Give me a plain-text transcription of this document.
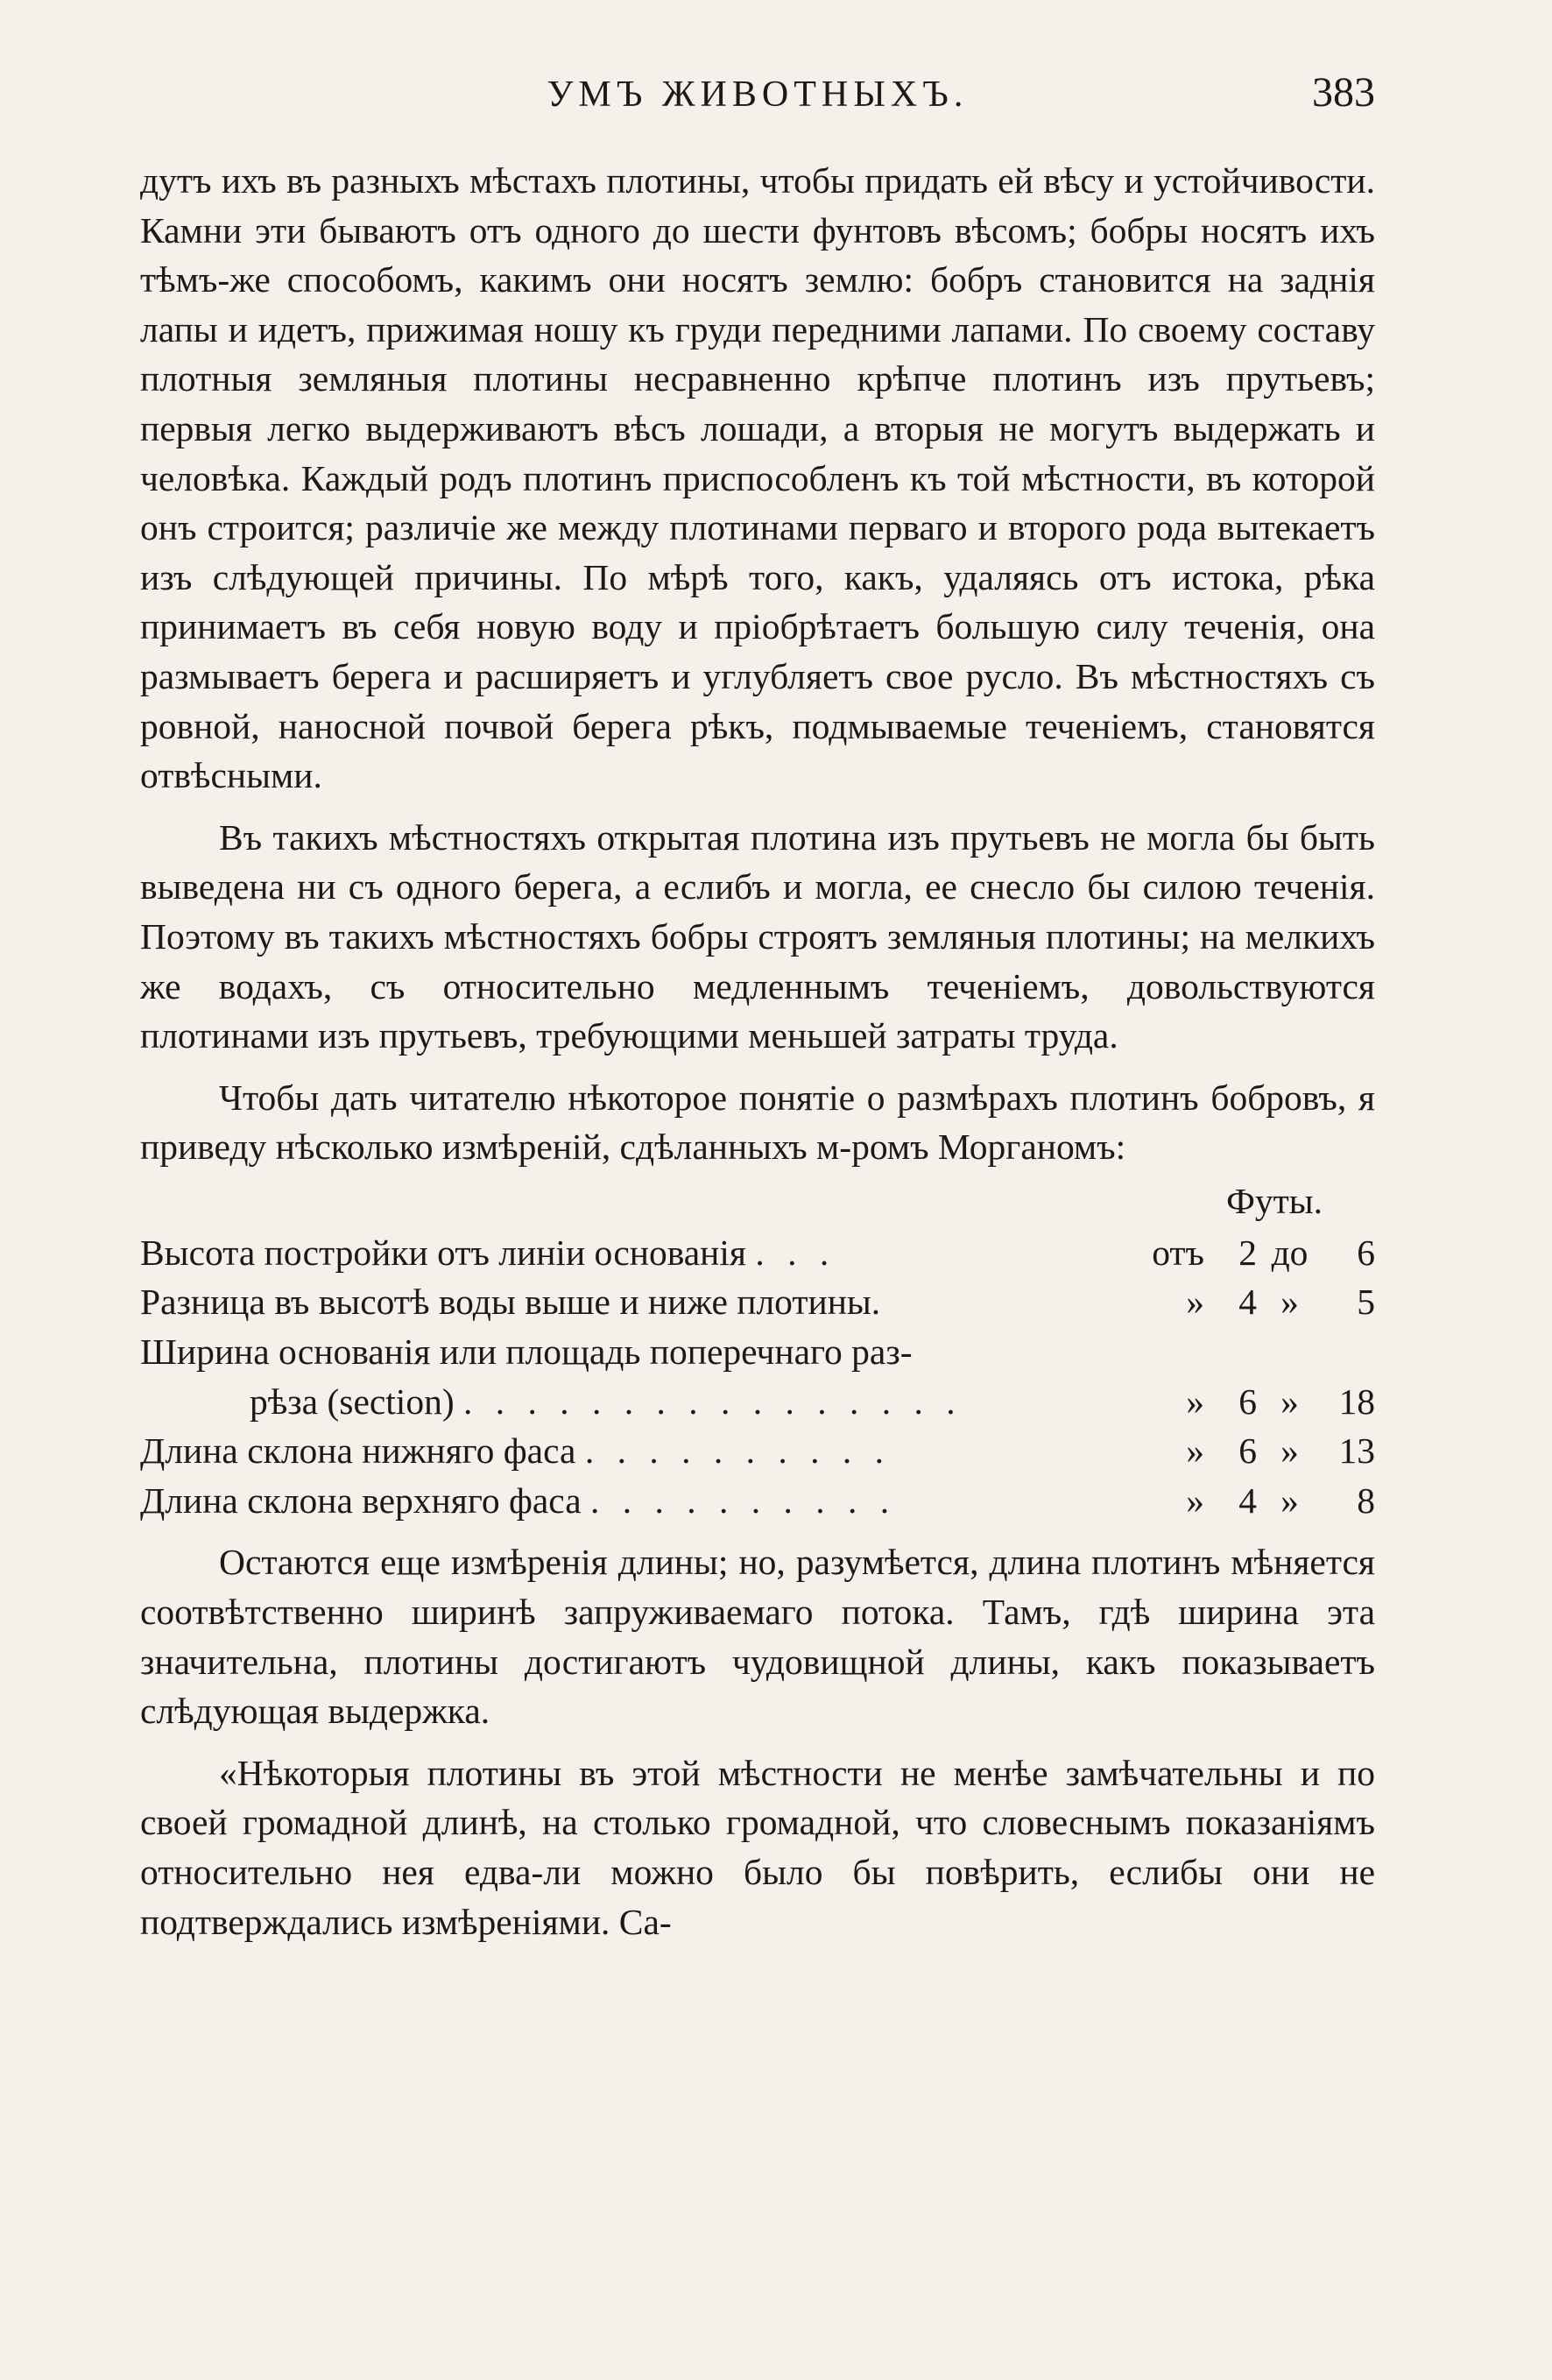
УМЪ ЖИВОТНЫХЪ.	383

дутъ ихъ въ разныхъ мѣстахъ плотины, чтобы придать ей вѣсу и устойчивости. Камни эти бываютъ отъ одного до шести фунтовъ вѣсомъ; бобры носятъ ихъ тѣмъ-же способомъ, какимъ они носятъ землю: бобръ становится на заднія лапы и идетъ, прижимая ношу къ груди передними лапами. По своему составу плотныя земляныя плотины несравненно крѣпче плотинъ изъ прутьевъ; первыя легко выдерживаютъ вѣсъ лошади, а вторыя не могутъ выдержать и человѣка. Каждый родъ плотинъ приспособленъ къ той мѣстности, въ которой онъ строится; различіе же между плотинами перваго и второго рода вытекаетъ изъ слѣдующей причины. По мѣрѣ того, какъ, удаляясь отъ истока, рѣка принимаетъ въ себя новую воду и пріобрѣтаетъ большую силу теченія, она размываетъ берега и расширяетъ и углубляетъ свое русло. Въ мѣстностяхъ съ ровной, наносной почвой берега рѣкъ, подмываемые теченіемъ, становятся отвѣсными.

Въ такихъ мѣстностяхъ открытая плотина изъ прутьевъ не могла бы быть выведена ни съ одного берега, а еслибъ и могла, ее снесло бы силою теченія. Поэтому въ такихъ мѣстностяхъ бобры строятъ земляныя плотины; на мелкихъ же водахъ, съ относительно медленнымъ теченіемъ, довольствуются плотинами изъ прутьевъ, требующими меньшей затраты труда.

Чтобы дать читателю нѣкоторое понятіе о размѣрахъ плотинъ бобровъ, я приведу нѣсколько измѣреній, сдѣланныхъ м-ромъ Морганомъ:

Футы.
Высота постройки отъ линіи основанія . . .	отъ 2 до	6
Разница въ высотѣ воды выше и ниже плотины.	» 4 »	5
Ширина основанія или площадь поперечнаго раз-
рѣза (section) . . . . . . . . . . . . . . . .	» 6 »	18
Длина склона нижняго фаса . . . . . . . . . .	» 6 »	13
Длина склона верхняго фаса . . . . . . . . . .	» 4 »	8

Остаются еще измѣренія длины; но, разумѣется, длина плотинъ мѣняется соотвѣтственно ширинѣ запруживаемаго потока. Тамъ, гдѣ ширина эта значительна, плотины достигаютъ чудовищной длины, какъ показываетъ слѣдующая выдержка.

«Нѣкоторыя плотины въ этой мѣстности не менѣе замѣчательны и по своей громадной длинѣ, на столько громадной, что словеснымъ показаніямъ относительно нея едва-ли можно было бы повѣрить, еслибы они не подтверждались измѣреніями. Са-
